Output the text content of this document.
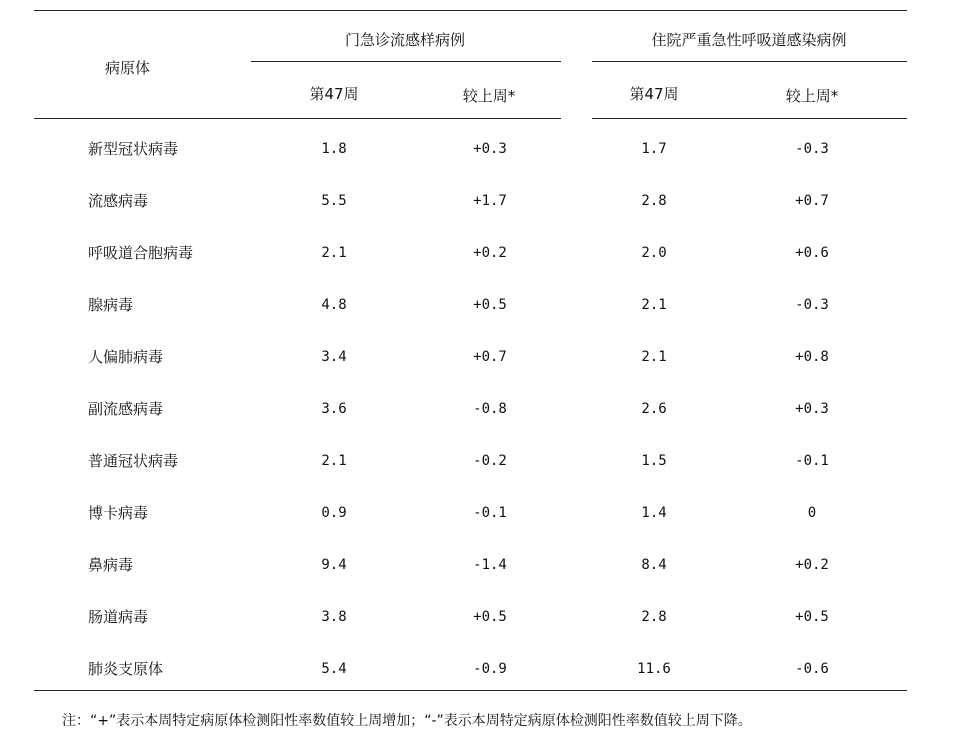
病原体
门急诊流感样病例	住院严重急性呼吸道感染病例
第47周	较上周*	第47周	较上周*
新型冠状病毒	1.8	+0.3	1.7	-0.3
流感病毒	5.5	+1.7	2.8	+0.7
呼吸道合胞病毒	2.1	+0.2	2.0	+0.6
腺病毒	4.8	+0.5	2.1	-0.3
人偏肺病毒	3.4	+0.7	2.1	+0.8
副流感病毒	3.6	-0.8	2.6	+0.3
普通冠状病毒	2.1	-0.2	1.5	-0.1
博卡病毒	0.9	-0.1	1.4	0
鼻病毒	9.4	-1.4	8.4	+0.2
肠道病毒	3.8	+0.5	2.8	+0.5
肺炎支原体	5.4	-0.9	11.6	-0.6
注：“+”表示本周特定病原体检测阳性率数值较上周增加；“-”表示本周特定病原体检测阳性率数值较上周下降。
